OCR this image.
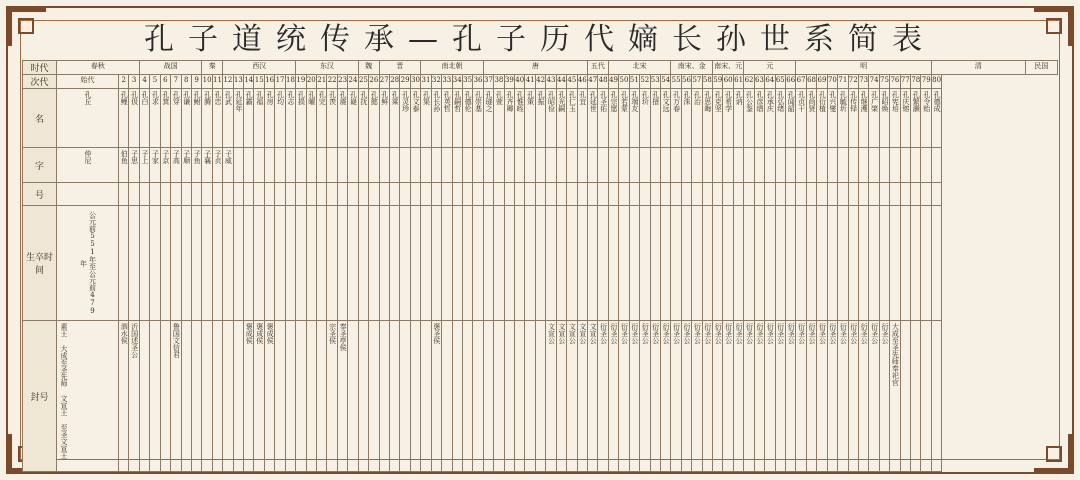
孔子道统传承—孔子历代嫡长孙世系简表
时代	春秋	战国	秦	西汉	东汉	魏	晋	南北朝	唐	五代	北宋	南宋、金	南宋、元	元	明	清	民国
次代	始代	2	3	4	5	6	7	8	9	10	11	12	13	14	15	16	17	18	19	20	21	22	23	24	25	26	27	28	29	30	31	32	33	34	35	36	37	38	39	40	41	42	43	44	45	46	47	48	49	50	51	52	53	54	55	56	57	58	59	60	61	62	63	64	65	66	67	68	69	70	71	72	73	74	75	76	77	78	79	80
名	孔丘	孔鲤	孔伋	孔白	孔求	孔箕	孔穿	孔谦	孔鲋	孔腾	孔忠	孔武	孔延年	孔霸	孔福	孔房	孔均	孔志	孔损	孔曜	孔完	孔羡	孔震	孔嶷	孔抚	孔懿	孔鲜	孔乘	孔灵珍	孔文泰	孔渠	孔长孙	孔英哲	孔嗣哲	孔德伦	孔崇基	孔璲之	孔萱	孔齐卿	孔惟晊	孔策	孔振	孔昭俭	孔光嗣	孔仁玉	孔宜	孔延世	孔圣佑	孔宗愿	孔若蒙	孔端友	孔玠	孔搢	孔文远	孔万春	孔洙	孔治	孔思晦	孔克坚	孔希学	孔讷	孔公鉴	孔彦缙	孔承庆	孔弘绪	孔闻韶	孔贞干	孔尚贤	孔衍植	孔兴燮	孔毓圻	孔传铎	孔继濩	孔广棨	孔昭焕	孔宪培	孔庆镕	孔繁灏	孔令贻	孔德成
字	仲尼	伯鱼	子思	子上	子家	子京	子高	子顺	子鱼	子襄	子贞	子威																																																																				
号																																																																																
生卒时间	公元前551年至公元前479年																																																																															
封号	素王 大成至圣先师 文宣王 至圣文宣王	泗水侯	沂国述圣公				鲁国文信君							褒成侯	褒成侯	褒成侯						宗圣侯	奉圣亭侯									褒圣侯											文宣公	文宣公	文宣公	文宣公	文宣公	衍圣公	衍圣公	衍圣公	衍圣公	衍圣公	衍圣公	衍圣公	衍圣公	衍圣公	衍圣公	衍圣公	衍圣公	衍圣公	衍圣公	衍圣公	衍圣公	衍圣公	衍圣公	衍圣公	衍圣公	衍圣公	衍圣公	衍圣公	衍圣公	衍圣公	衍圣公	衍圣公	衍圣公	大成至圣先师奉祀官				
